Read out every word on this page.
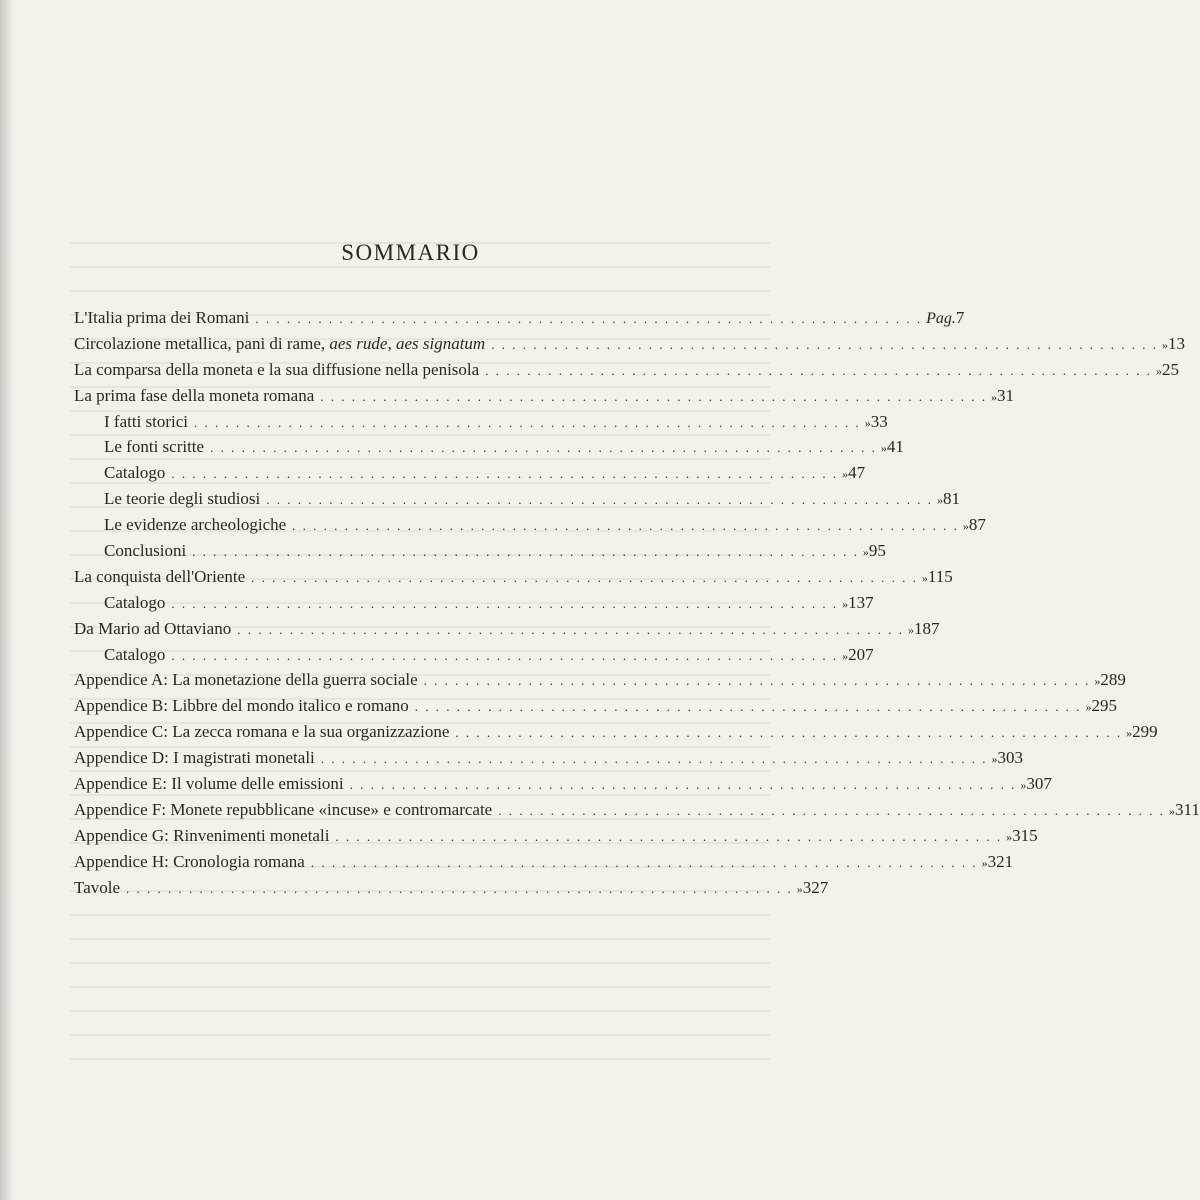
SOMMARIO
L'Italia prima dei Romani . . . . . . . . . . . . . . . . . . . . . . . . . . . . . . . . . . . . . . . . . . . . . . . . . . . . . . . . . . . . . . . . Pag. 7
Circolazione metallica, pani di rame, aes rude, aes signatum . . . . . . . . . . . . . . . . . . . . . . . . . . . . . . . . . . . . . . . . . . . . . . . . . . . . . . . . . . . . . . . . » 13
La comparsa della moneta e la sua diffusione nella penisola . . . . . . . . . . . . . . . . . . . . . . . . . . . . . . . . . . . . . . . . . . . . . . . . . . . . . . . . . . . . . . . . » 25
La prima fase della moneta romana . . . . . . . . . . . . . . . . . . . . . . . . . . . . . . . . . . . . . . . . . . . . . . . . . . . . . . . . . . . . . . . . » 31
I fatti storici . . . . . . . . . . . . . . . . . . . . . . . . . . . . . . . . . . . . . . . . . . . . . . . . . . . . . . . . . . . . . . . . » 33
Le fonti scritte . . . . . . . . . . . . . . . . . . . . . . . . . . . . . . . . . . . . . . . . . . . . . . . . . . . . . . . . . . . . . . . . » 41
Catalogo . . . . . . . . . . . . . . . . . . . . . . . . . . . . . . . . . . . . . . . . . . . . . . . . . . . . . . . . . . . . . . . . » 47
Le teorie degli studiosi . . . . . . . . . . . . . . . . . . . . . . . . . . . . . . . . . . . . . . . . . . . . . . . . . . . . . . . . . . . . . . . . » 81
Le evidenze archeologiche . . . . . . . . . . . . . . . . . . . . . . . . . . . . . . . . . . . . . . . . . . . . . . . . . . . . . . . . . . . . . . . . » 87
Conclusioni . . . . . . . . . . . . . . . . . . . . . . . . . . . . . . . . . . . . . . . . . . . . . . . . . . . . . . . . . . . . . . . . » 95
La conquista dell'Oriente . . . . . . . . . . . . . . . . . . . . . . . . . . . . . . . . . . . . . . . . . . . . . . . . . . . . . . . . . . . . . . . . » 115
Catalogo . . . . . . . . . . . . . . . . . . . . . . . . . . . . . . . . . . . . . . . . . . . . . . . . . . . . . . . . . . . . . . . . » 137
Da Mario ad Ottaviano . . . . . . . . . . . . . . . . . . . . . . . . . . . . . . . . . . . . . . . . . . . . . . . . . . . . . . . . . . . . . . . . » 187
Catalogo . . . . . . . . . . . . . . . . . . . . . . . . . . . . . . . . . . . . . . . . . . . . . . . . . . . . . . . . . . . . . . . . » 207
Appendice A: La monetazione della guerra sociale . . . . . . . . . . . . . . . . . . . . . . . . . . . . . . . . . . . . . . . . . . . . . . . . . . . . . . . . . . . . . . . . » 289
Appendice B: Libbre del mondo italico e romano . . . . . . . . . . . . . . . . . . . . . . . . . . . . . . . . . . . . . . . . . . . . . . . . . . . . . . . . . . . . . . . . » 295
Appendice C: La zecca romana e la sua organizzazione . . . . . . . . . . . . . . . . . . . . . . . . . . . . . . . . . . . . . . . . . . . . . . . . . . . . . . . . . . . . . . . . » 299
Appendice D: I magistrati monetali . . . . . . . . . . . . . . . . . . . . . . . . . . . . . . . . . . . . . . . . . . . . . . . . . . . . . . . . . . . . . . . . » 303
Appendice E: Il volume delle emissioni . . . . . . . . . . . . . . . . . . . . . . . . . . . . . . . . . . . . . . . . . . . . . . . . . . . . . . . . . . . . . . . . » 307
Appendice F: Monete repubblicane «incuse» e contromarcate . . . . . . . . . . . . . . . . . . . . . . . . . . . . . . . . . . . . . . . . . . . . . . . . . . . . . . . . . . . . . . . . » 311
Appendice G: Rinvenimenti monetali . . . . . . . . . . . . . . . . . . . . . . . . . . . . . . . . . . . . . . . . . . . . . . . . . . . . . . . . . . . . . . . . » 315
Appendice H: Cronologia romana . . . . . . . . . . . . . . . . . . . . . . . . . . . . . . . . . . . . . . . . . . . . . . . . . . . . . . . . . . . . . . . . » 321
Tavole . . . . . . . . . . . . . . . . . . . . . . . . . . . . . . . . . . . . . . . . . . . . . . . . . . . . . . . . . . . . . . . . » 327
